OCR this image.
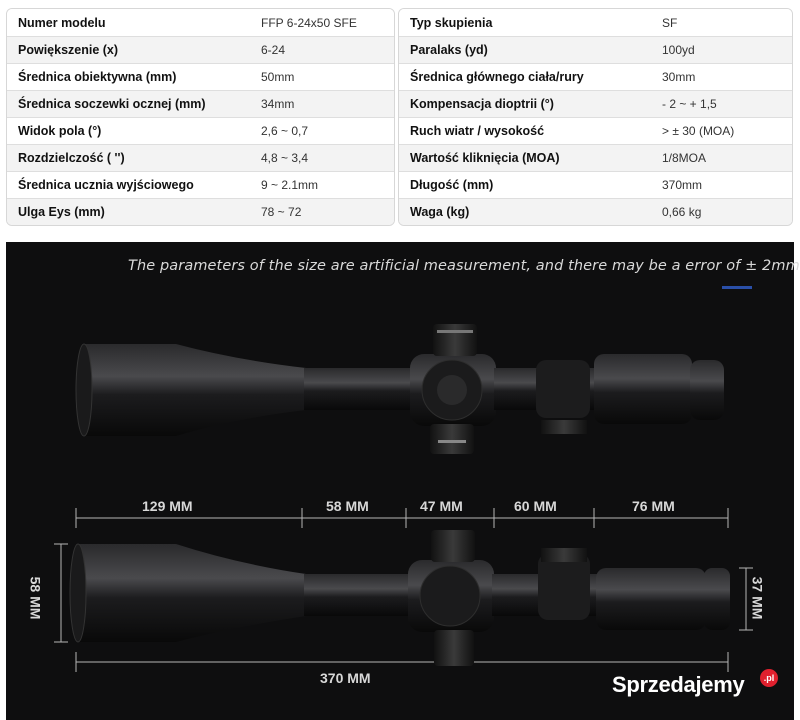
Numer modelu	FFP 6-24x50 SFE
Powiększenie (x)	6-24
Średnica obiektywna (mm)	50mm
Średnica soczewki ocznej (mm)	34mm
Widok pola (°)	2,6 ~ 0,7
Rozdzielczość ( '')	4,8 ~ 3,4
Średnica ucznia wyjściowego	9 ~ 2.1mm
Ulga Eys (mm)	78 ~ 72
Typ skupienia	SF
Paralaks (yd)	100yd
Średnica głównego ciała/rury	30mm
Kompensacja dioptrii (°)	- 2 ~ + 1,5
Ruch wiatr / wysokość	> ± 30 (MOA)
Wartość kliknięcia (MOA)	1/8MOA
Długość (mm)	370mm
Waga (kg)	0,66 kg
The parameters of the size are artificial measurement, and there may be a error of ± 2mm
129 MM	58 MM	47 MM	60 MM	76 MM
370 MM
58 MM	37 MM
Sprzedajemy	.pl
